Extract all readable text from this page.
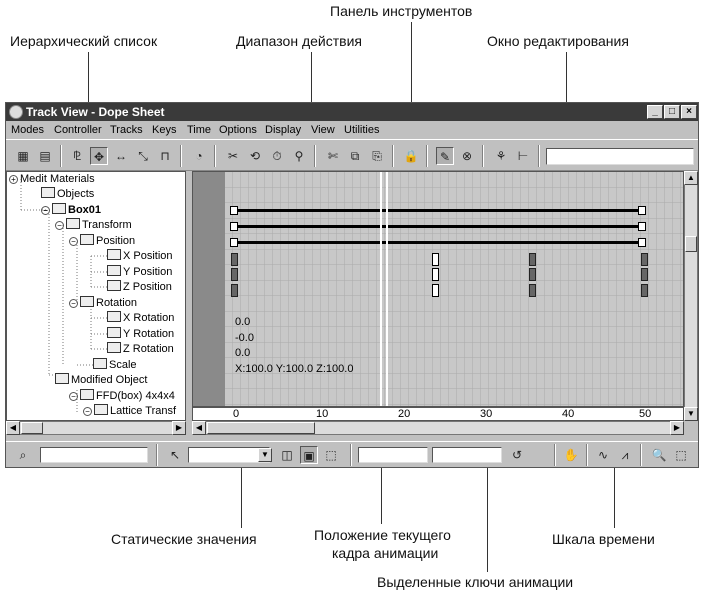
Панель инструментов
Иерархический список	Диапазон действия	Окно редактирования
Статические значения	Положение текущего
кадра анимации
Шкала времени
Выделенные ключи анимации
Track View - Dope Sheet	_	□	×
Modes Controller Tracks Keys Time Options Display View Utilities
▦ ▤	⅊	✥ ↔ ⤡	⊓	◔	✂ ⟲	⏱	⚲	✄	⧉	⎘	🔒	✎ ⊗	⚘ ⊢
+ Medit Materials
Objects
− Box01
− Transform
− Position
X Position
Y Position
Z Position
− Rotation
X Rotation
Y Rotation
Z Rotation
Scale
Modified Object
− FFD(box) 4x4x4
− Lattice Transf
0.0
-0.0
0.0
X:100.0 Y:100.0 Z:100.0
0	10	20	30	40	50
▲
▼
◀	▶	◀	▶
⌕	↖	▼ ◫ ▣ ⬚	↺	✋	∿	⩘	🔍 ⬚
